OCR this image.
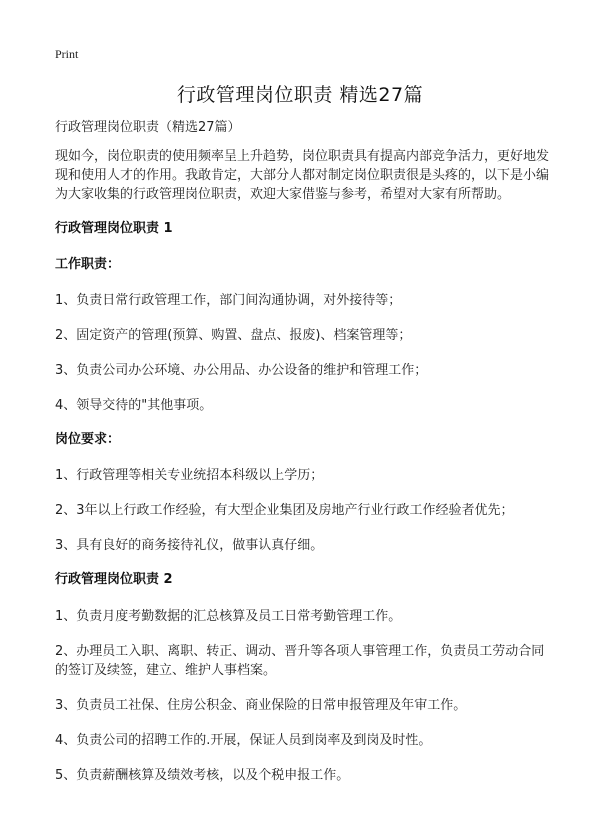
Print
行政管理岗位职责 精选27篇

行政管理岗位职责（精选27篇）

现如今，岗位职责的使用频率呈上升趋势，岗位职责具有提高内部竞争活力，更好地发现和使用人才的作用。我敢肯定，大部分人都对制定岗位职责很是头疼的，以下是小编为大家收集的行政管理岗位职责，欢迎大家借鉴与参考，希望对大家有所帮助。

行政管理岗位职责 1

工作职责：

1、负责日常行政管理工作，部门间沟通协调，对外接待等；

2、固定资产的管理(预算、购置、盘点、报废)、档案管理等；

3、负责公司办公环境、办公用品、办公设备的维护和管理工作；

4、领导交待的"其他事项。

岗位要求：

1、行政管理等相关专业统招本科级以上学历；

2、3年以上行政工作经验，有大型企业集团及房地产行业行政工作经验者优先；

3、具有良好的商务接待礼仪，做事认真仔细。

行政管理岗位职责 2

1、负责月度考勤数据的汇总核算及员工日常考勤管理工作。

2、办理员工入职、离职、转正、调动、晋升等各项人事管理工作，负责员工劳动合同的签订及续签，建立、维护人事档案。

3、负责员工社保、住房公积金、商业保险的日常申报管理及年审工作。

4、负责公司的招聘工作的.开展，保证人员到岗率及到岗及时性。

5、负责薪酬核算及绩效考核，以及个税申报工作。
